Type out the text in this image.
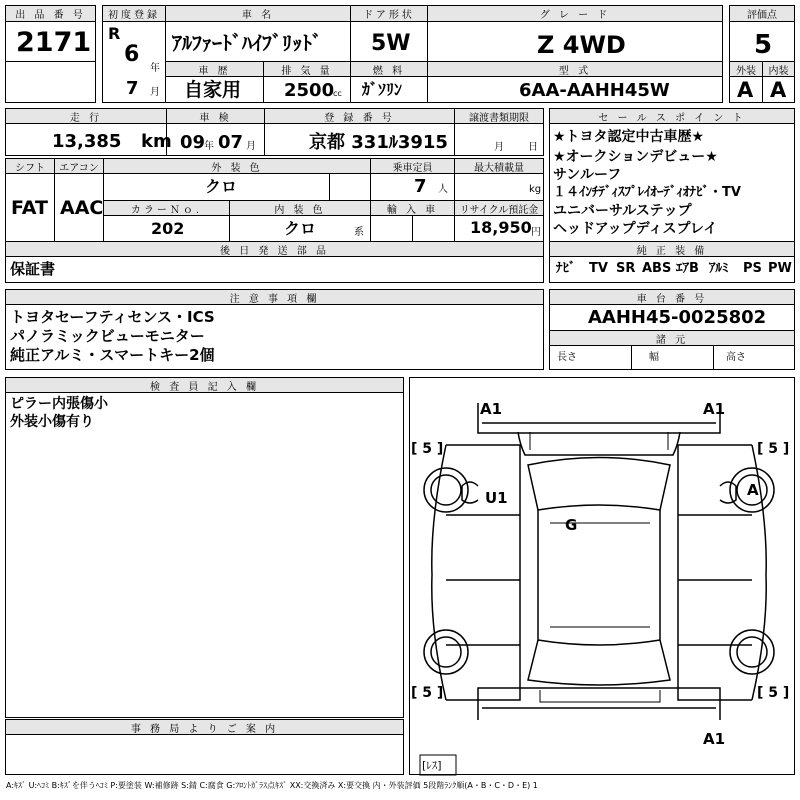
出 品 番 号
2171
初度登録
R
6
年
7 月
車 名
ｱﾙﾌｧｰﾄﾞﾊｲﾌﾞﾘｯﾄﾞ
ドア形状
5W
グ レ ー ド
Z 4WD
評価点
5
車 歴
自家用
排 気 量
2500
cc
燃 料
ｶﾞｿﾘﾝ
型 式
6AA-AAHH45W
外装	内装
A A
走 行
13,385 km
車 検
09
年 07 月
登 録 番 号
京都 331ﾙ3915
譲渡書類期限
月 日
シフト
FAT
エアコン
AAC
外 装 色
クロ
乗車定員
7 人
最大積載量
kg
カラーＮｏ.
202
内 装 色
クロ	系
輸 入 車	リサイクル預託金
18,950 円
後 日 発 送 部 品
保証書
セ ー ル ス ポ イ ン ト
★トヨタ認定中古車歴★
★オークションデビュー★
サンルーフ
１４ｲﾝﾁﾃﾞｨｽﾌﾟﾚｲｵｰﾃﾞｨｵﾅﾋﾞ・TV
ユニバーサルステップ
ヘッドアップディスプレイ
純 正 装 備
ﾅﾋﾞ TV SR ABS ｴｱB ｱﾙﾐ PS PW
注 意 事 項 欄
トヨタセーフティセンス・ICS
パノラミックビューモニター
純正アルミ・スマートキー2個
車 台 番 号
AAHH45-0025802
諸 元
長さ	幅	高さ
検 査 員 記 入 欄
ピラー内張傷小
外装小傷有り
事 務 局 よ り ご 案 内
A1	A1
U1	A
G
A1
[ 5 ]	[ 5 ]
[ 5 ]	[ 5 ]
[ﾚｽ]
A:ｷｽﾞ U:ﾍｺﾐ B:ｷｽﾞを伴うﾍｺﾐ P:要塗装 W:補修跡 S:錆 C:腐食 G:ﾌﾛﾝﾄｶﾞﾗｽ点ｷｽﾞ XX:交換済み X:要交換 内・外装評価 5段階ﾗﾝｸ順(A・B・C・D・E) 1
